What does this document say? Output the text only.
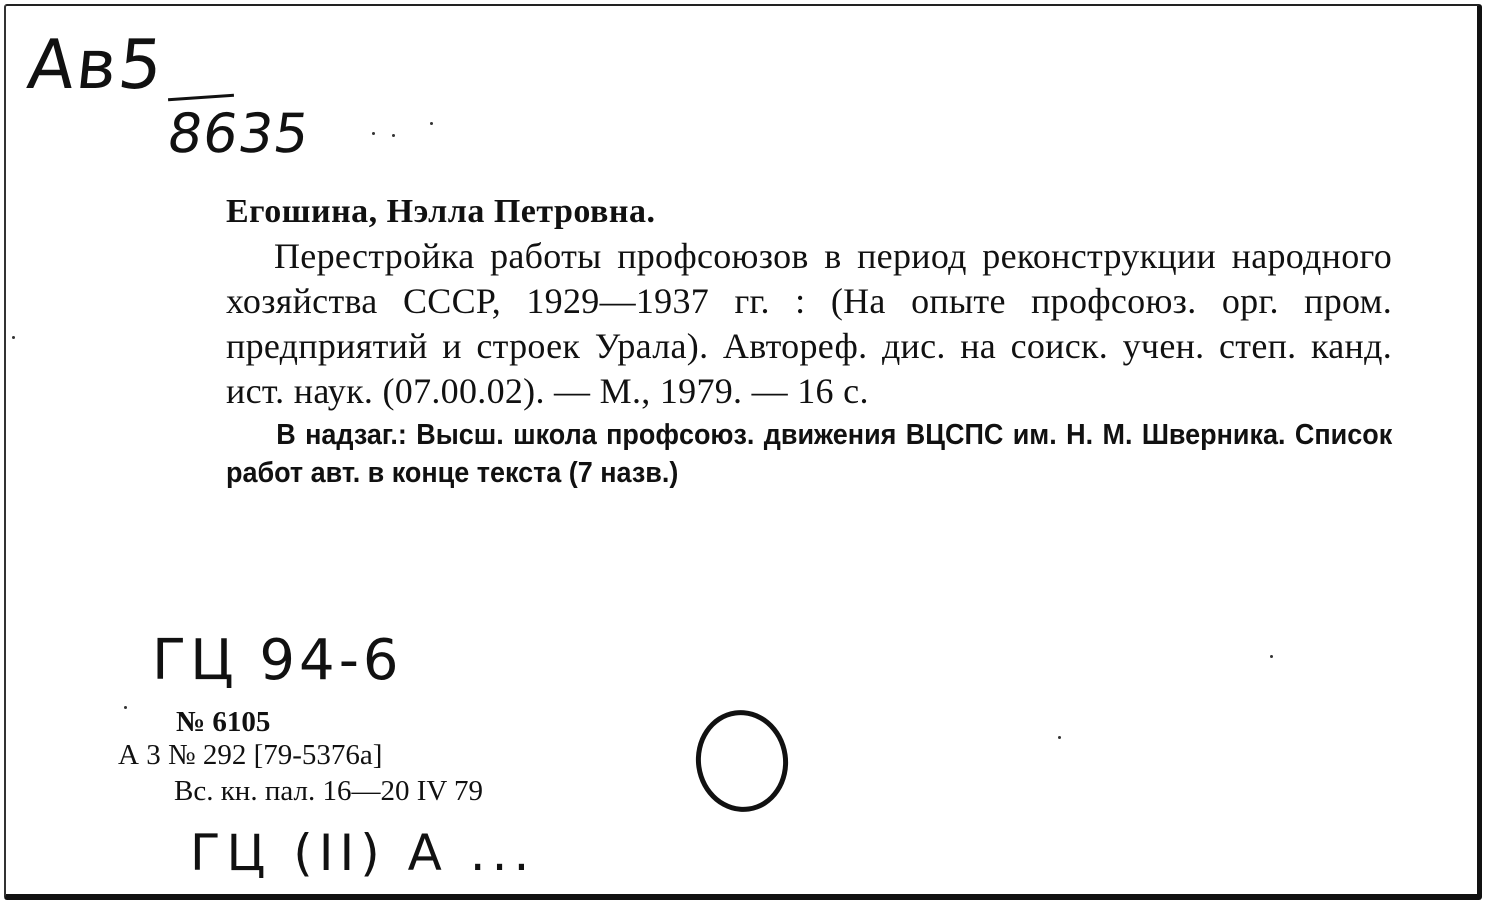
Ав5
8635

Егошина, Нэлла Петровна.

Перестройка работы профсоюзов в период реконструкции народного хозяйства СССР, 1929—1937 гг. : (На опыте профсоюз. орг. пром. предприятий и строек Урала). Автореф. дис. на соиск. учен. степ. канд. ист. наук. (07.00.02). — М., 1979. — 16 с.

В надзаг.: Высш. школа профсоюз. движения ВЦСПС им. Н. М. Шверника. Список работ авт. в конце текста (7 назв.)

ГЦ 94-6
№ 6105
А 3 № 292 [79-5376а]
Вс. кн. пал. 16—20 IV 79
ГЦ (II) А ...
